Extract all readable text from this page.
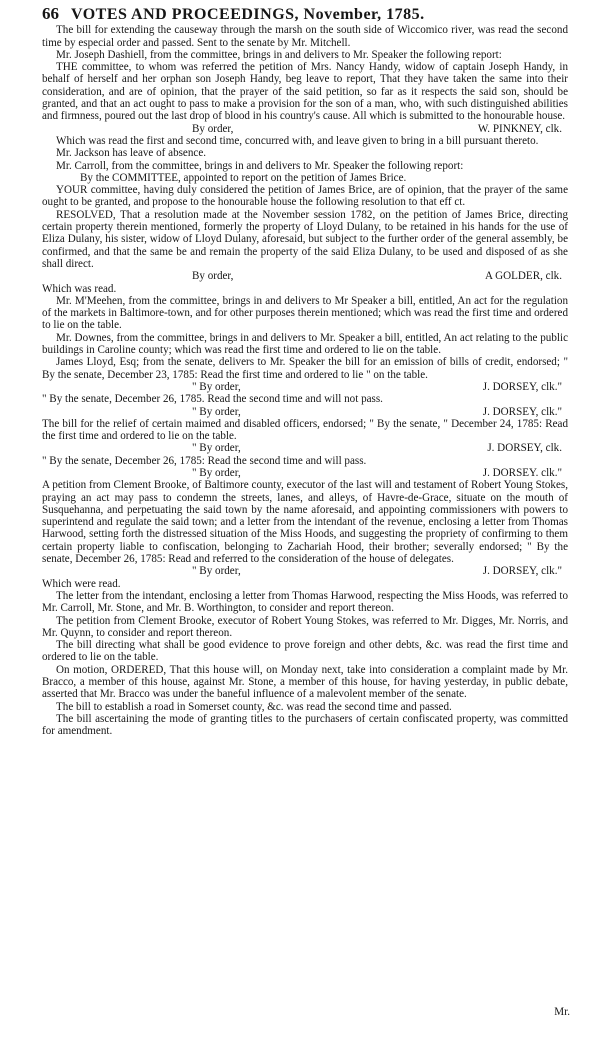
66 VOTES AND PROCEEDINGS, November, 1785.

The bill for extending the causeway through the marsh on the south side of Wiccomico river, was read the second time by especial order and passed. Sent to the senate by Mr. Mitchell.

Mr. Joseph Dashiell, from the committee, brings in and delivers to Mr. Speaker the following report:

THE committee, to whom was referred the petition of Mrs. Nancy Handy, widow of captain Joseph Handy, in behalf of herself and her orphan son Joseph Handy, beg leave to report, That they have taken the same into their consideration, and are of opinion, that the prayer of the said petition, so far as it respects the said son, should be granted, and that an act ought to pass to make a provision for the son of a man, who, with such distinguished abilities and firmness, poured out the last drop of blood in his country's cause. All which is submitted to the honourable house.

By order,	W. PINKNEY, clk.

Which was read the first and second time, concurred with, and leave given to bring in a bill pursuant thereto.

Mr. Jackson has leave of absence.

Mr. Carroll, from the committee, brings in and delivers to Mr. Speaker the following report:

By the COMMITTEE, appointed to report on the petition of James Brice.

YOUR committee, having duly considered the petition of James Brice, are of opinion, that the prayer of the same ought to be granted, and propose to the honourable house the following resolution to that eff ct.

RESOLVED, That a resolution made at the November session 1782, on the petition of James Brice, directing certain property therein mentioned, formerly the property of Lloyd Dulany, to be retained in his hands for the use of Eliza Dulany, his sister, widow of Lloyd Dulany, aforesaid, but subject to the further order of the general assembly, be confirmed, and that the same be and remain the property of the said Eliza Dulany, to be used and disposed of as she shall direct.

By order,	A GOLDER, clk.

Which was read.

Mr. M'Meehen, from the committee, brings in and delivers to Mr Speaker a bill, entitled, An act for the regulation of the markets in Baltimore-town, and for other purposes therein mentioned; which was read the first time and ordered to lie on the table.

Mr. Downes, from the committee, brings in and delivers to Mr. Speaker a bill, entitled, An act relating to the public buildings in Caroline county; which was read the first time and ordered to lie on the table.

James Lloyd, Esq; from the senate, delivers to Mr. Speaker the bill for an emission of bills of credit, endorsed; " By the senate, December 23, 1785: Read the first time and ordered to lie " on the table.

" By order,	J. DORSEY, clk."

" By the senate, December 26, 1785. Read the second time and will not pass.

" By order,	J. DORSEY, clk."

The bill for the relief of certain maimed and disabled officers, endorsed; " By the senate, " December 24, 1785: Read the first time and ordered to lie on the table.

" By order,	J. DORSEY, clk.

" By the senate, December 26, 1785: Read the second time and will pass.

" By order,	J. DORSEY. clk."

A petition from Clement Brooke, of Baltimore county, executor of the last will and testament of Robert Young Stokes, praying an act may pass to condemn the streets, lanes, and alleys, of Havre-de-Grace, situate on the mouth of Susquehanna, and perpetuating the said town by the name aforesaid, and appointing commissioners with powers to superintend and regulate the said town; and a letter from the intendant of the revenue, enclosing a letter from Thomas Harwood, setting forth the distressed situation of the Miss Hoods, and suggesting the propriety of confirming to them certain property liable to confiscation, belonging to Zachariah Hood, their brother; severally endorsed; " By the senate, December 26, 1785: Read and referred to the consideration of the house of delegates.

" By order,	J. DORSEY, clk."

Which were read.

The letter from the intendant, enclosing a letter from Thomas Harwood, respecting the Miss Hoods, was referred to Mr. Carroll, Mr. Stone, and Mr. B. Worthington, to consider and report thereon.

The petition from Clement Brooke, executor of Robert Young Stokes, was referred to Mr. Digges, Mr. Norris, and Mr. Quynn, to consider and report thereon.

The bill directing what shall be good evidence to prove foreign and other debts, &c. was read the first time and ordered to lie on the table.

On motion, ORDERED, That this house will, on Monday next, take into consideration a complaint made by Mr. Bracco, a member of this house, against Mr. Stone, a member of this house, for having yesterday, in public debate, asserted that Mr. Bracco was under the baneful influence of a malevolent member of the senate.

The bill to establish a road in Somerset county, &c. was read the second time and passed.

The bill ascertaining the mode of granting titles to the purchasers of certain confiscated property, was committed for amendment.

Mr.
